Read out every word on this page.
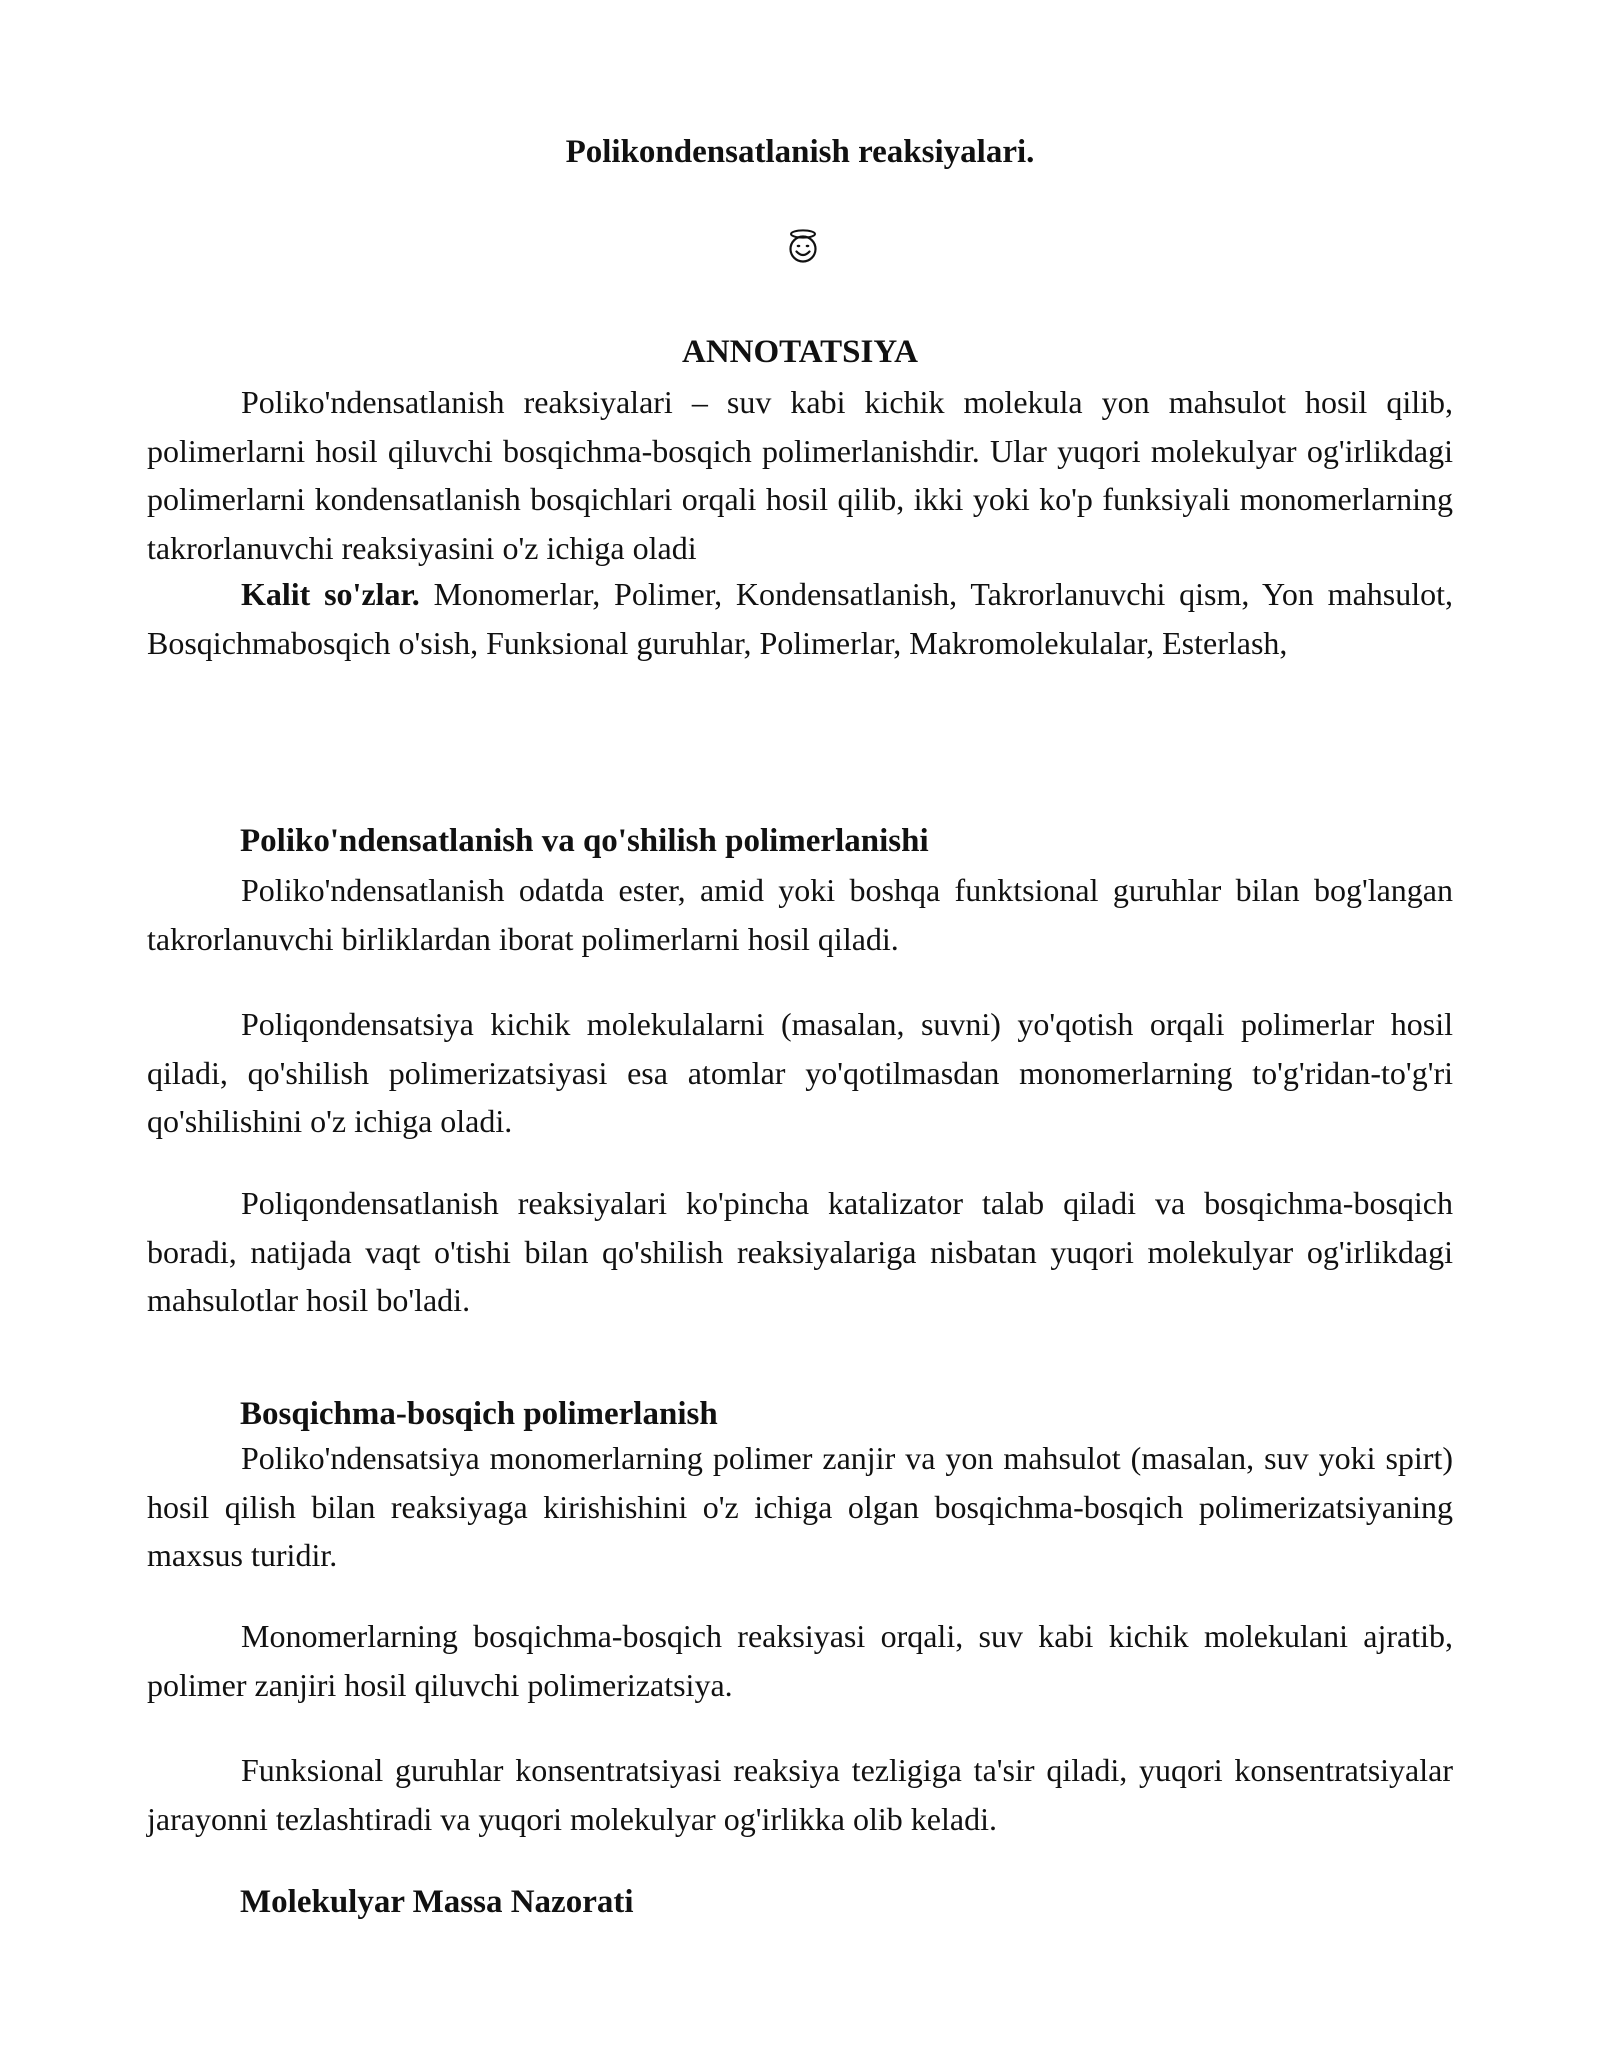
Polikondensatlanish reaksiyalari.
ANNOTATSIYA

Poliko'ndensatlanish reaksiyalari – suv kabi kichik molekula yon mahsulot hosil qilib, polimerlarni hosil qiluvchi bosqichma-bosqich polimerlanishdir. Ular yuqori molekulyar og'irlikdagi polimerlarni kondensatlanish bosqichlari orqali hosil qilib, ikki yoki ko'p funksiyali monomerlarning takrorlanuvchi reaksiyasini o'z ichiga oladi

Kalit so'zlar. Monomerlar, Polimer, Kondensatlanish, Takrorlanuvchi qism, Yon mahsulot, Bosqichmabosqich o'sish, Funksional guruhlar, Polimerlar, Makromolekulalar, Esterlash,

Poliko'ndensatlanish va qo'shilish polimerlanishi

Poliko'ndensatlanish odatda ester, amid yoki boshqa funktsional guruhlar bilan bog'langan takrorlanuvchi birliklardan iborat polimerlarni hosil qiladi.

Poliqondensatsiya kichik molekulalarni (masalan, suvni) yo'qotish orqali polimerlar hosil qiladi, qo'shilish polimerizatsiyasi esa atomlar yo'qotilmasdan monomerlarning to'g'ridan-to'g'ri qo'shilishini o'z ichiga oladi.

Poliqondensatlanish reaksiyalari ko'pincha katalizator talab qiladi va bosqichma-bosqich boradi, natijada vaqt o'tishi bilan qo'shilish reaksiyalariga nisbatan yuqori molekulyar og'irlikdagi mahsulotlar hosil bo'ladi.

Bosqichma-bosqich polimerlanish

Poliko'ndensatsiya monomerlarning polimer zanjir va yon mahsulot (masalan, suv yoki spirt) hosil qilish bilan reaksiyaga kirishishini o'z ichiga olgan bosqichma-bosqich polimerizatsiyaning maxsus turidir.

Monomerlarning bosqichma-bosqich reaksiyasi orqali, suv kabi kichik molekulani ajratib, polimer zanjiri hosil qiluvchi polimerizatsiya.

Funksional guruhlar konsentratsiyasi reaksiya tezligiga ta'sir qiladi, yuqori konsentratsiyalar jarayonni tezlashtiradi va yuqori molekulyar og'irlikka olib keladi.

Molekulyar Massa Nazorati
